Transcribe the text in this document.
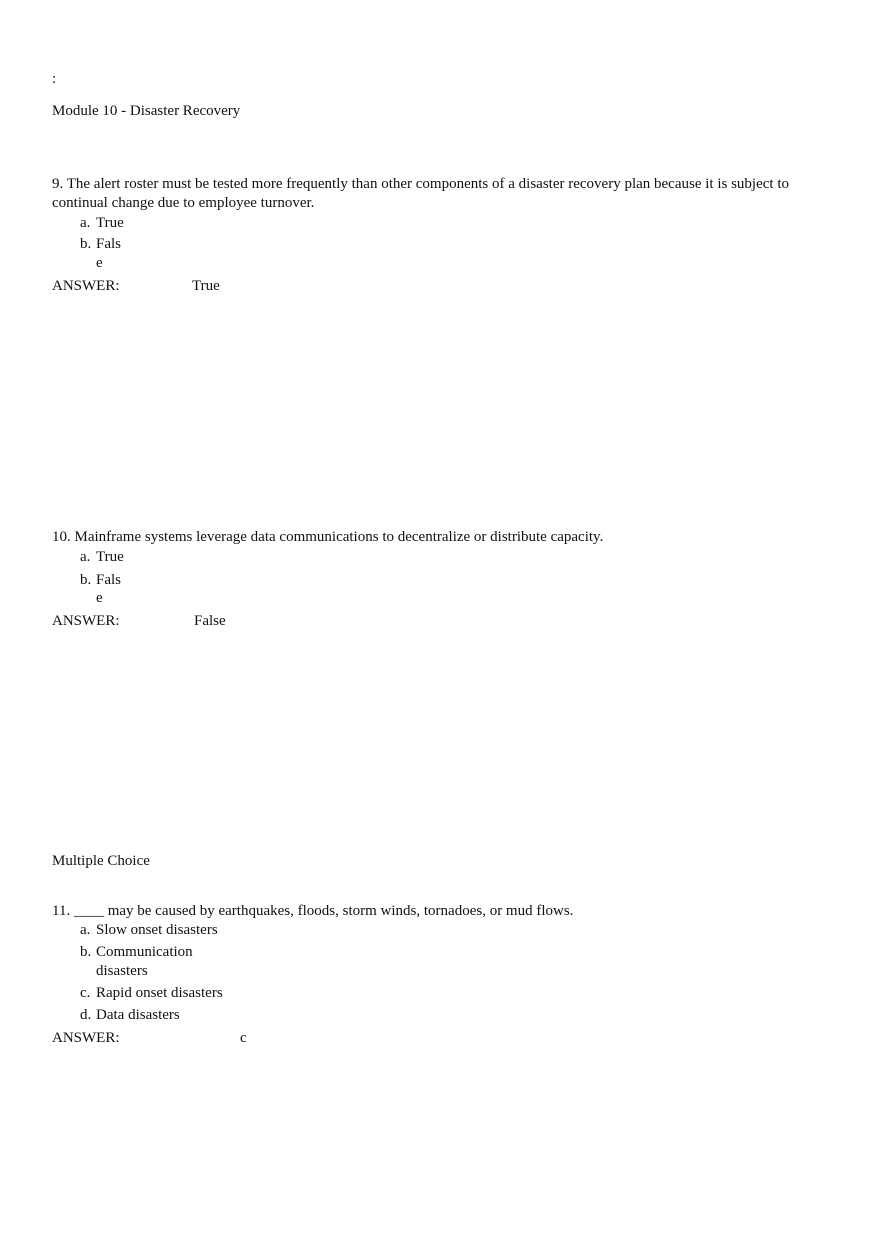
:
Module 10 - Disaster Recovery
9. The alert roster must be tested more frequently than other components of a disaster recovery plan because it is subject to continual change due to employee turnover.
a. True
b. Fals
e
ANSWER:	True
10. Mainframe systems leverage data communications to decentralize or distribute capacity.
a. True
b. Fals
e
ANSWER:	False
Multiple Choice
11. ____ may be caused by earthquakes, floods, storm winds, tornadoes, or mud flows.
a. Slow onset disasters
b. Communication
disasters
c. Rapid onset disasters
d. Data disasters
ANSWER:	c
